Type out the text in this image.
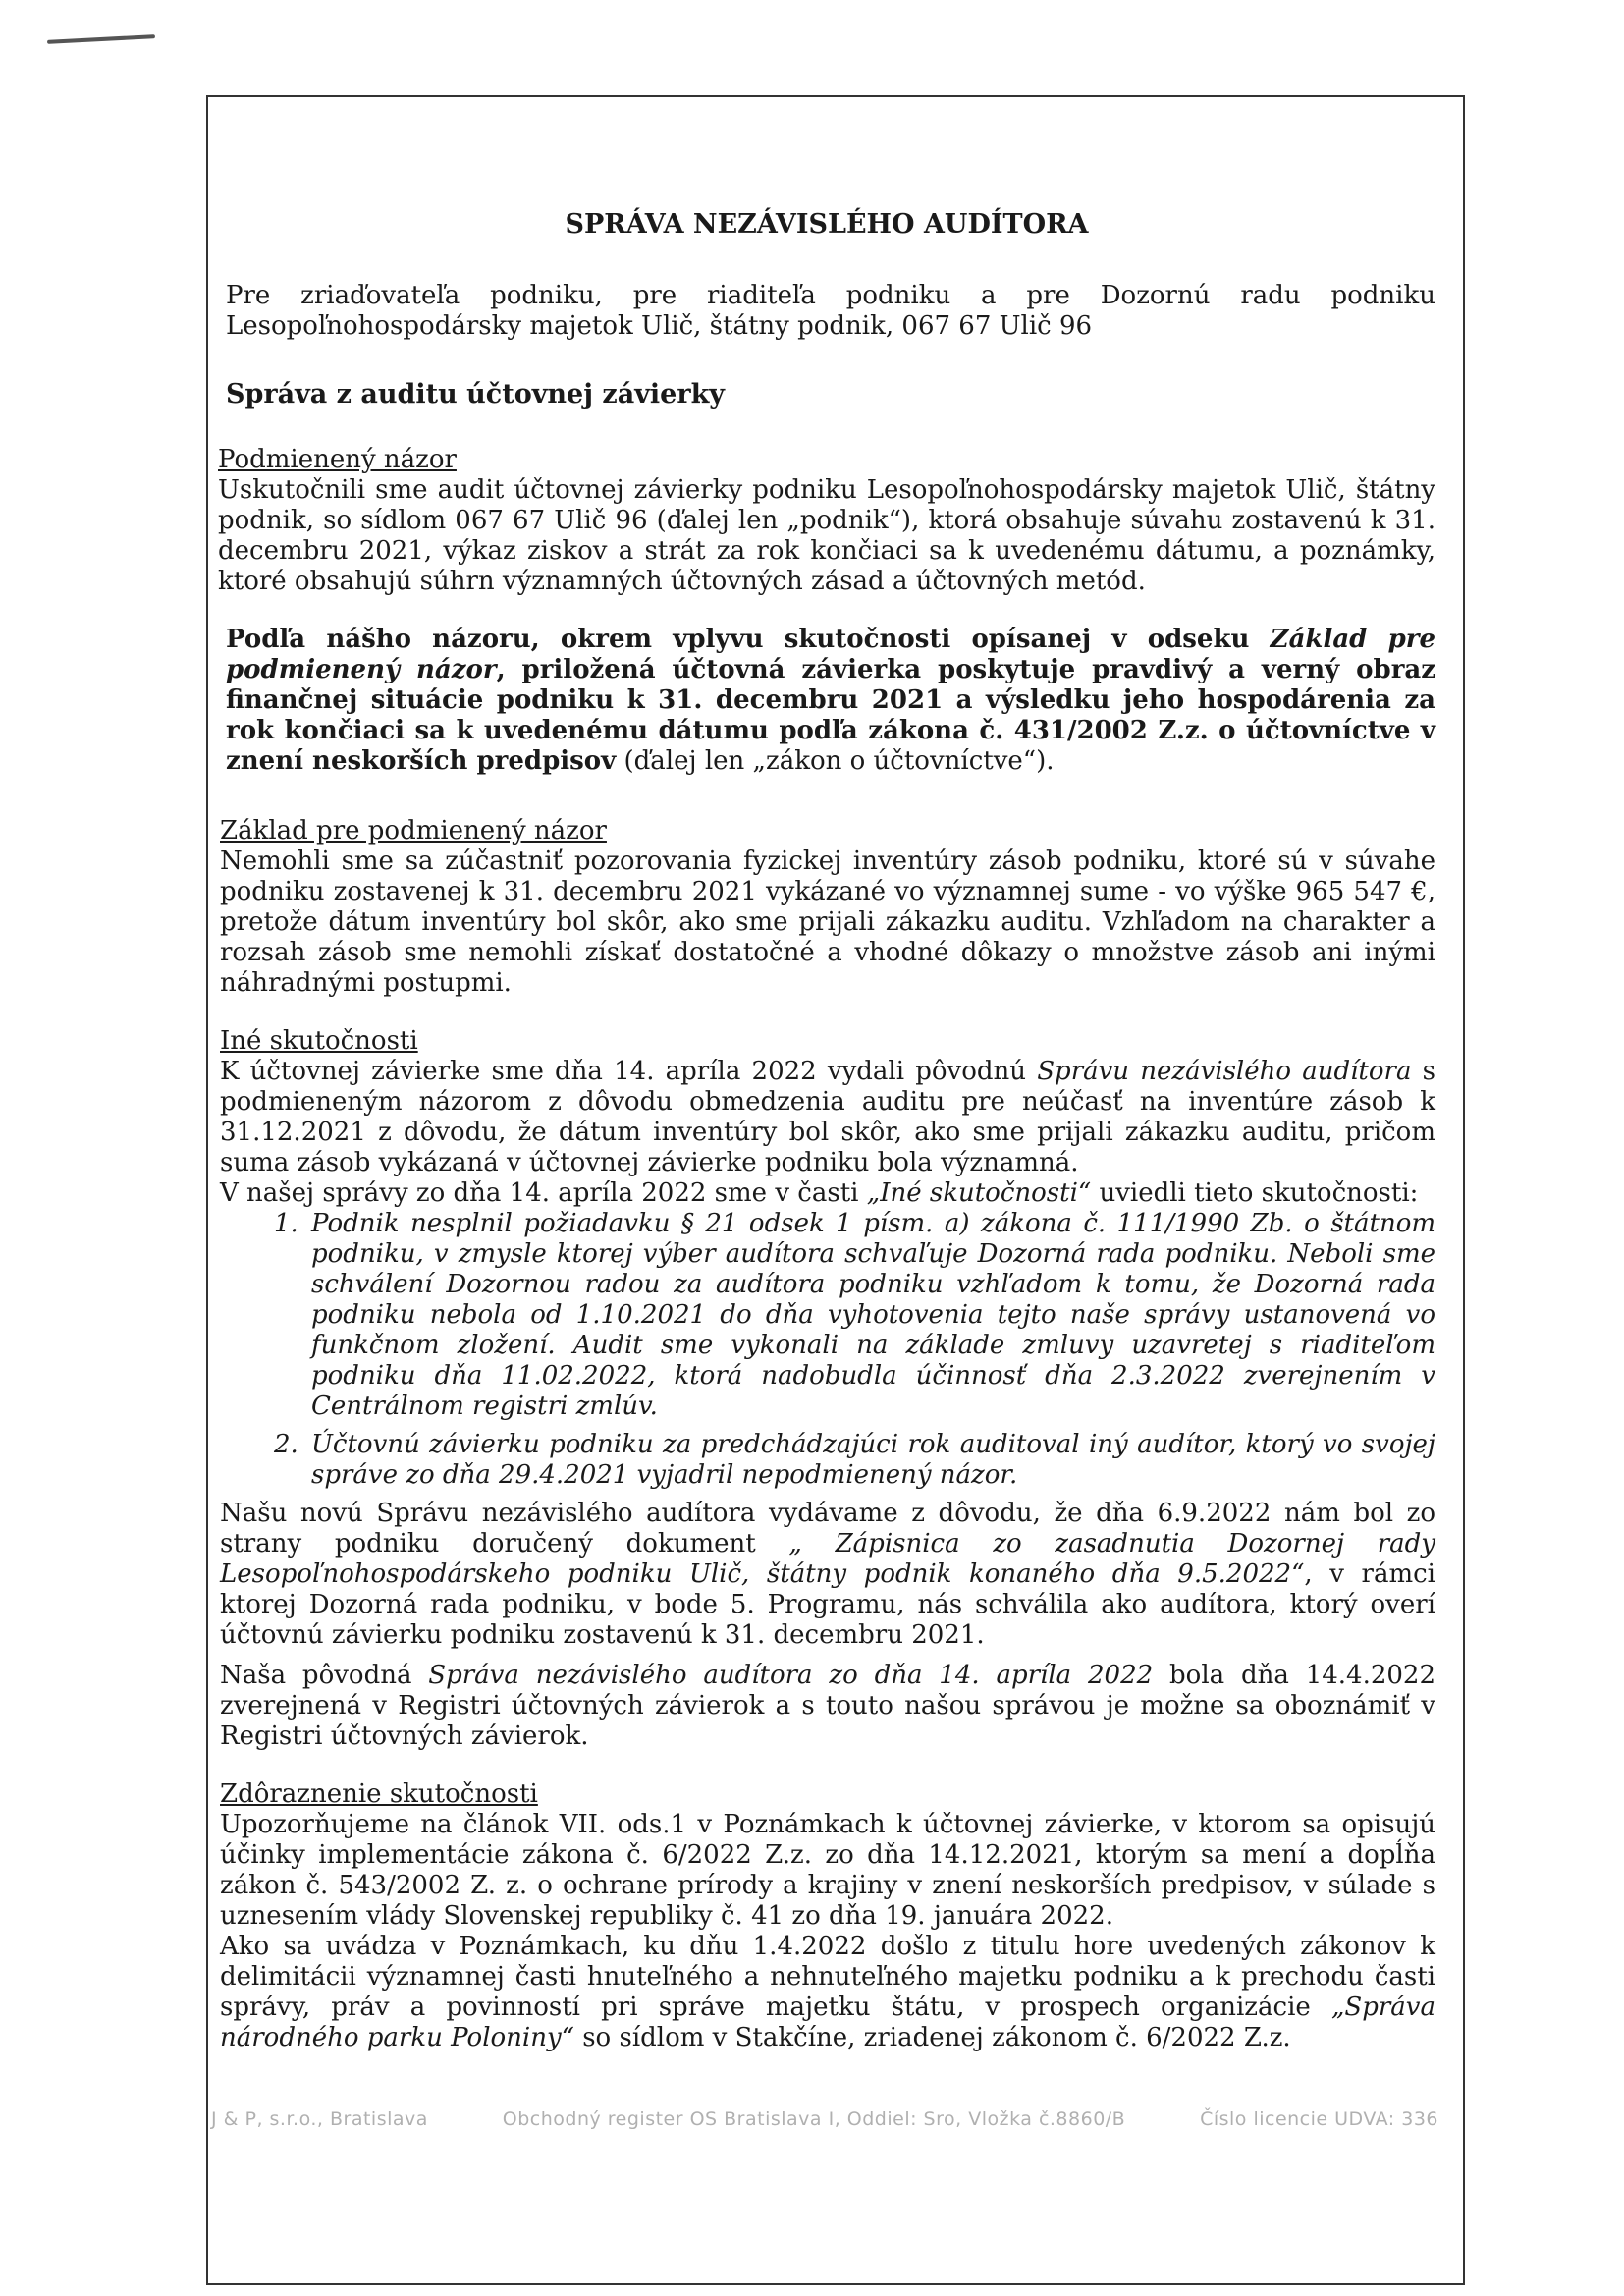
SPRÁVA NEZÁVISLÉHO AUDÍTORA

Pre zriaďovateľa podniku, pre riaditeľa podniku a pre Dozornú radu podniku Lesopoľnohospodársky majetok Ulič, štátny podnik, 067 67 Ulič 96

Správa z auditu účtovnej závierky
Podmienený názor

Uskutočnili sme audit účtovnej závierky podniku Lesopoľnohospodársky majetok Ulič, štátny podnik, so sídlom 067 67 Ulič 96 (ďalej len „podnik“), ktorá obsahuje súvahu zostavenú k 31. decembru 2021, výkaz ziskov a strát za rok končiaci sa k uvedenému dátumu, a poznámky, ktoré obsahujú súhrn významných účtovných zásad a účtovných metód.

Podľa nášho názoru, okrem vplyvu skutočnosti opísanej v odseku Základ pre podmienený názor, priložená účtovná závierka poskytuje pravdivý a verný obraz finančnej situácie podniku k 31. decembru 2021 a výsledku jeho hospodárenia za rok končiaci sa k uvedenému dátumu podľa zákona č. 431/2002 Z.z. o účtovníctve v znení neskorších predpisov (ďalej len „zákon o účtovníctve“).

Základ pre podmienený názor

Nemohli sme sa zúčastniť pozorovania fyzickej inventúry zásob podniku, ktoré sú v súvahe podniku zostavenej k 31. decembru 2021 vykázané vo významnej sume - vo výške 965 547 €, pretože dátum inventúry bol skôr, ako sme prijali zákazku auditu. Vzhľadom na charakter a rozsah zásob sme nemohli získať dostatočné a vhodné dôkazy o množstve zásob ani inými náhradnými postupmi.

Iné skutočnosti

K účtovnej závierke sme dňa 14. apríla 2022 vydali pôvodnú Správu nezávislého audítora s podmieneným názorom z dôvodu obmedzenia auditu pre neúčasť na inventúre zásob k 31.12.2021 z dôvodu, že dátum inventúry bol skôr, ako sme prijali zákazku auditu, pričom suma zásob vykázaná v účtovnej závierke podniku bola významná.

V našej správy zo dňa 14. apríla 2022 sme v časti „Iné skutočnosti“ uviedli tieto skutočnosti:

1. Podnik nesplnil požiadavku § 21 odsek 1 písm. a) zákona č. 111/1990 Zb. o štátnom podniku, v zmysle ktorej výber audítora schvaľuje Dozorná rada podniku. Neboli sme schválení Dozornou radou za audítora podniku vzhľadom k tomu, že Dozorná rada podniku nebola od 1.10.2021 do dňa vyhotovenia tejto naše správy ustanovená vo funkčnom zložení. Audit sme vykonali na základe zmluvy uzavretej s riaditeľom podniku dňa 11.02.2022, ktorá nadobudla účinnosť dňa 2.3.2022 zverejnením v Centrálnom registri zmlúv.
2. Účtovnú závierku podniku za predchádzajúci rok auditoval iný audítor, ktorý vo svojej správe zo dňa 29.4.2021 vyjadril nepodmienený názor.

Našu novú Správu nezávislého audítora vydávame z dôvodu, že dňa 6.9.2022 nám bol zo strany podniku doručený dokument „ Zápisnica zo zasadnutia Dozornej rady Lesopoľnohospodárskeho podniku Ulič, štátny podnik konaného dňa 9.5.2022“, v rámci ktorej Dozorná rada podniku, v bode 5. Programu, nás schválila ako audítora, ktorý overí účtovnú závierku podniku zostavenú k 31. decembru 2021.

Naša pôvodná Správa nezávislého audítora zo dňa 14. apríla 2022 bola dňa 14.4.2022 zverejnená v Registri účtovných závierok a s touto našou správou je možne sa oboznámiť v Registri účtovných závierok.

Zdôraznenie skutočnosti

Upozorňujeme na článok VII. ods.1 v Poznámkach k účtovnej závierke, v ktorom sa opisujú účinky implementácie zákona č. 6/2022 Z.z. zo dňa 14.12.2021, ktorým sa mení a dopĺňa zákon č. 543/2002 Z. z. o ochrane prírody a krajiny v znení neskorších predpisov, v súlade s uznesením vlády Slovenskej republiky č. 41 zo dňa 19. januára 2022.

Ako sa uvádza v Poznámkach, ku dňu 1.4.2022 došlo z titulu hore uvedených zákonov k delimitácii významnej časti hnuteľného a nehnuteľného majetku podniku a k prechodu časti správy, práv a povinností pri správe majetku štátu, v prospech organizácie „Správa národného parku Poloniny“ so sídlom v Stakčíne, zriadenej zákonom č. 6/2022 Z.z.

J & P, s.r.o., Bratislava	Obchodný register OS Bratislava I, Oddiel: Sro, Vložka č.8860/B	Číslo licencie UDVA: 336
